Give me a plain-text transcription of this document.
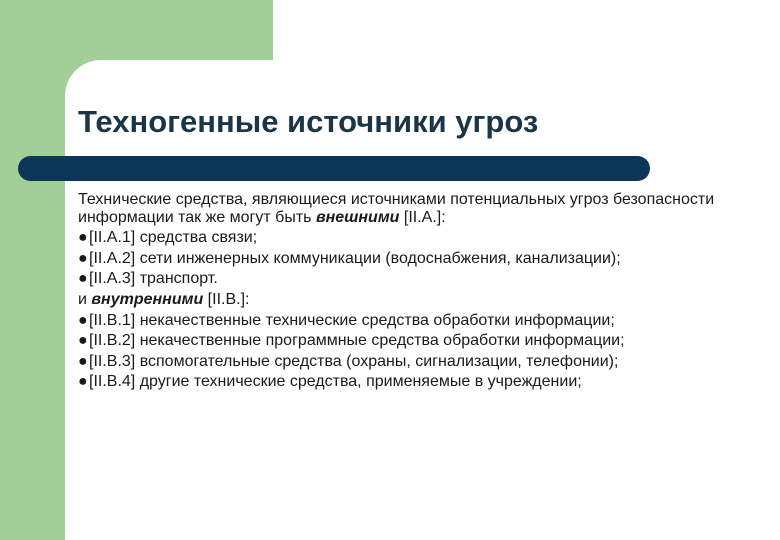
Техногенные источники угроз

Технические средства, являющиеся источниками потенциальных угроз безопасности информации так же могут быть внешними [II.A.]:

●[II.A.1] средства связи;

●[II.A.2] сети инженерных коммуникации (водоснабжения, канализации);

●[II.A.3] транспорт.

и внутренними [II.B.]:

●[II.B.1] некачественные технические средства обработки информации;

●[II.B.2] некачественные программные средства обработки информации;

●[II.B.3] вспомогательные средства (охраны, сигнализации, телефонии);

●[II.B.4] другие технические средства, применяемые в учреждении;
